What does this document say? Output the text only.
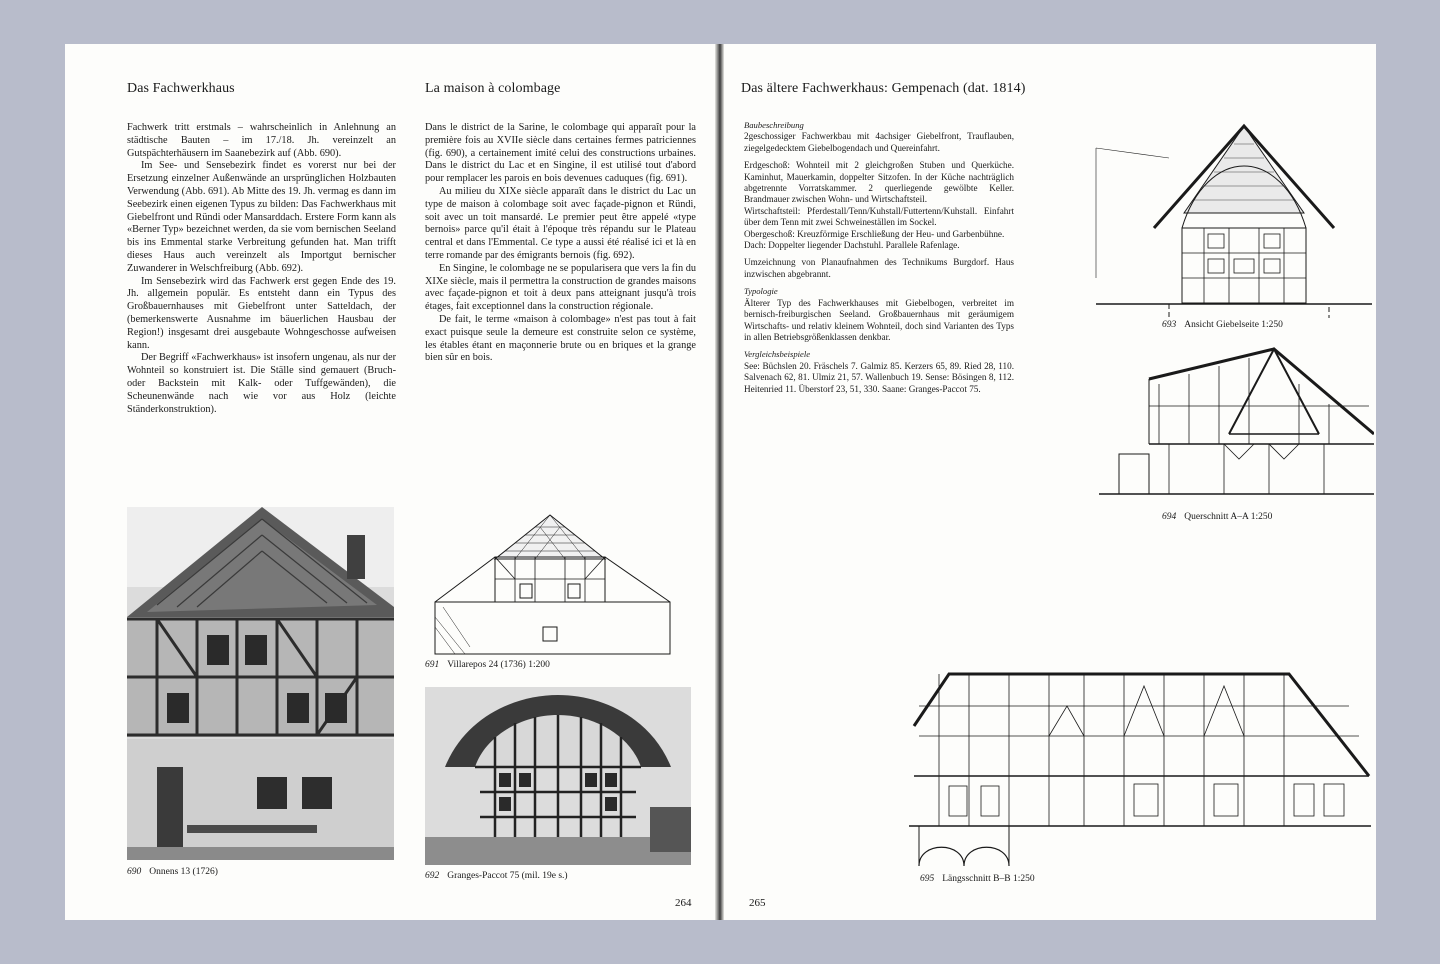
Das Fachwerkhaus	La maison à colombage

Fachwerk tritt erstmals – wahrscheinlich in Anlehnung an städtische Bauten – im 17./18. Jh. vereinzelt an Gutspächterhäusern im Saanebezirk auf (Abb. 690).

Im See- und Sensebezirk findet es vorerst nur bei der Ersetzung einzelner Außenwände an ursprünglichen Holzbauten Verwendung (Abb. 691). Ab Mitte des 19. Jh. vermag es dann im Seebezirk einen eigenen Typus zu bilden: Das Fachwerkhaus mit Giebelfront und Ründi oder Mansarddach. Erstere Form kann als «Berner Typ» bezeichnet werden, da sie vom bernischen Seeland bis ins Emmental starke Verbreitung gefunden hat. Man trifft dieses Haus auch vereinzelt als Importgut bernischer Zuwanderer in Welschfreiburg (Abb. 692).

Im Sensebezirk wird das Fachwerk erst gegen Ende des 19. Jh. allgemein populär. Es entsteht dann ein Typus des Großbauernhauses mit Giebelfront unter Satteldach, der (bemerkenswerte Ausnahme im bäuerlichen Hausbau der Region!) insgesamt drei ausgebaute Wohngeschosse aufweisen kann.

Der Begriff «Fachwerkhaus» ist insofern ungenau, als nur der Wohnteil so konstruiert ist. Die Ställe sind gemauert (Bruch- oder Backstein mit Kalk- oder Tuffgewänden), die Scheunenwände nach wie vor aus Holz (leichte Ständerkonstruktion).

Dans le district de la Sarine, le colombage qui apparaît pour la première fois au XVIIe siècle dans certaines fermes patriciennes (fig. 690), a certainement imité celui des constructions urbaines. Dans le district du Lac et en Singine, il est utilisé tout d'abord pour remplacer les parois en bois devenues caduques (fig. 691).

Au milieu du XIXe siècle apparaît dans le district du Lac un type de maison à colombage soit avec façade-pignon et Ründi, soit avec un toit mansardé. Le premier peut être appelé «type bernois» parce qu'il était à l'époque très répandu sur le Plateau central et dans l'Emmental. Ce type a aussi été réalisé ici et là en terre romande par des émigrants bernois (fig. 692).

En Singine, le colombage ne se popularisera que vers la fin du XIXe siècle, mais il permettra la construction de grandes maisons avec façade-pignon et toit à deux pans atteignant jusqu'à trois étages, fait exceptionnel dans la construction régionale.

De fait, le terme «maison à colombage» n'est pas tout à fait exact puisque seule la demeure est construite selon ce système, les étables étant en maçonnerie brute ou en briques et la grange bien sûr en bois.

690 Onnens 13 (1726)
691 Villarepos 24 (1736) 1:200
692 Granges-Paccot 75 (mil. 19e s.)
264
Das ältere Fachwerkhaus: Gempenach (dat. 1814)
Baubeschreibung

2geschossiger Fachwerkbau mit 4achsiger Giebelfront, Trauflauben, ziegelgedecktem Giebelbogendach und Quereinfahrt.

Erdgeschoß: Wohnteil mit 2 gleichgroßen Stuben und Querküche. Kaminhut, Mauerkamin, doppelter Sitzofen. In der Küche nachträglich abgetrennte Vorratskammer. 2 querliegende gewölbte Keller. Brandmauer zwischen Wohn- und Wirtschaftsteil.

Wirtschaftsteil: Pferdestall/Tenn/Kuhstall/Futtertenn/Kuhstall. Einfahrt über dem Tenn mit zwei Schweineställen im Sockel.

Obergeschoß: Kreuzförmige Erschließung der Heu- und Garbenbühne.

Dach: Doppelter liegender Dachstuhl. Parallele Rafenlage.

Umzeichnung von Planaufnahmen des Technikums Burgdorf. Haus inzwischen abgebrannt.

Typologie

Älterer Typ des Fachwerkhauses mit Giebelbogen, verbreitet im bernisch-freiburgischen Seeland. Großbauernhaus mit geräumigem Wirtschafts- und relativ kleinem Wohnteil, doch sind Varianten des Typs in allen Betriebsgrößenklassen denkbar.

Vergleichsbeispiele

See: Büchslen 20. Fräschels 7. Galmiz 85. Kerzers 65, 89. Ried 28, 110. Salvenach 62, 81. Ulmiz 21, 57. Wallenbuch 19. Sense: Bösingen 8, 112. Heitenried 11. Überstorf 23, 51, 330. Saane: Granges-Paccot 75.

693 Ansicht Giebelseite 1:250
694 Querschnitt A–A 1:250
695 Längsschnitt B–B 1:250
265
